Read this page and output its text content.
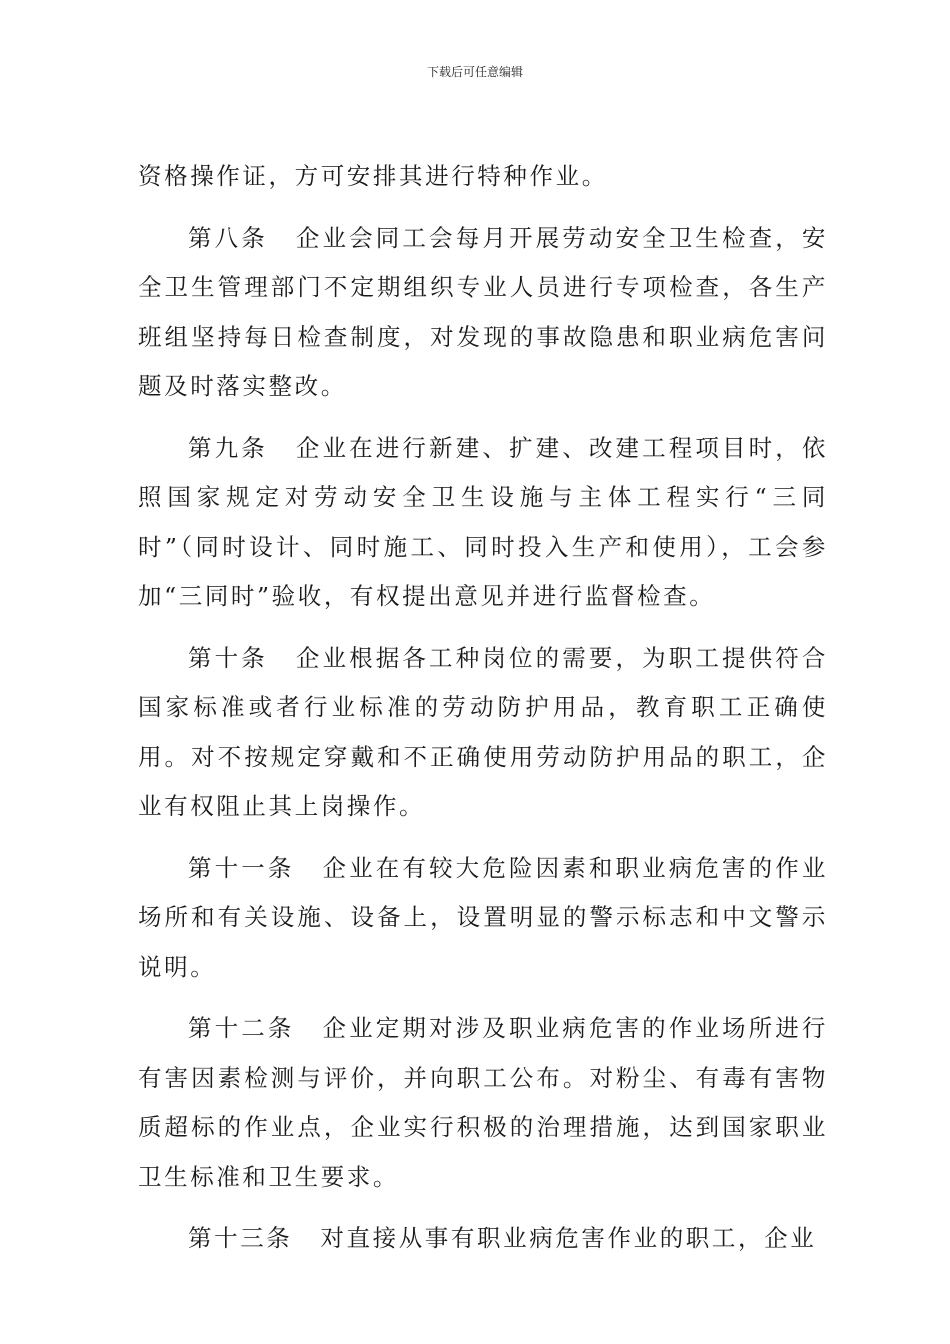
下载后可任意编辑

资格操作证，方可安排其进行特种作业。

第八条 企业会同工会每月开展劳动安全卫生检查，安全卫生管理部门不定期组织专业人员进行专项检查，各生产班组坚持每日检查制度，对发现的事故隐患和职业病危害问题及时落实整改。

第九条 企业在进行新建、扩建、改建工程项目时，依照国家规定对劳动安全卫生设施与主体工程实行“三同时”（同时设计、同时施工、同时投入生产和使用），工会参加“三同时”验收，有权提出意见并进行监督检查。

第十条 企业根据各工种岗位的需要，为职工提供符合国家标准或者行业标准的劳动防护用品，教育职工正确使用。对不按规定穿戴和不正确使用劳动防护用品的职工，企业有权阻止其上岗操作。

第十一条 企业在有较大危险因素和职业病危害的作业场所和有关设施、设备上，设置明显的警示标志和中文警示说明。

第十二条 企业定期对涉及职业病危害的作业场所进行有害因素检测与评价，并向职工公布。对粉尘、有毒有害物质超标的作业点，企业实行积极的治理措施，达到国家职业卫生标准和卫生要求。

第十三条 对直接从事有职业病危害作业的职工，企业
